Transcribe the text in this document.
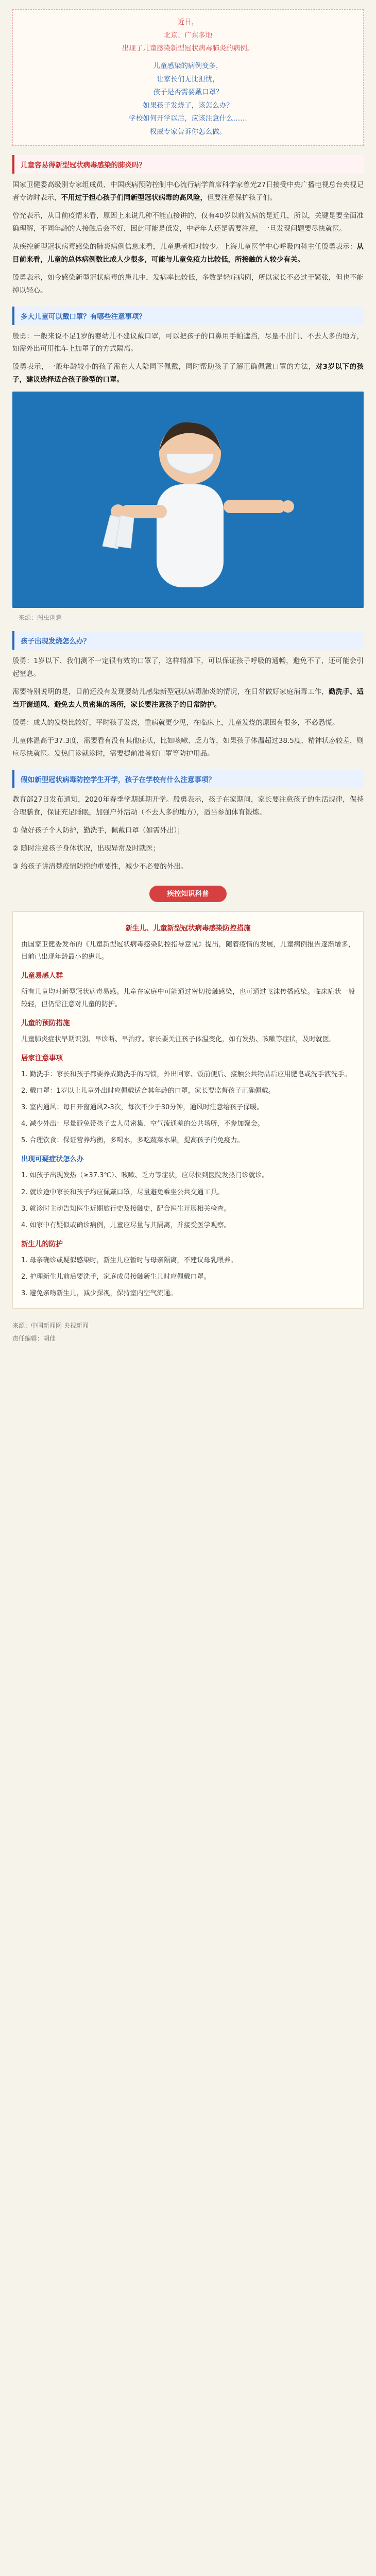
近日，
北京、广东多地
出现了儿童感染新型冠状病毒肺炎的病例。
儿童感染的病例变多，
让家长们无比担忧，
孩子是否需要戴口罩？
如果孩子发烧了，该怎么办？
学校如何开学以后，应该注意什么……
权威专家告诉你怎么做。
儿童容易得新型冠状病毒感染的肺炎吗？
国家卫健委高级别专家组成员、中国疾病预防控制中心流行病学首席科学家曾光27日接受中央广播电视总台央视记者专访时表示，不用过于担心孩子们同新型冠状病毒的高风险，但要注意保护孩子们。
曾光表示，从目前疫情来看，原因上来说几种不能直接讲的，仅有40岁以前发病的是近几，所以，关键是要全面准确理解，不同年龄的人接触后会不好，因此可能是低发，中老年人还是需要注意，一旦发现问题要尽快就医。
从疾控新型冠状病毒感染的肺炎病例信息来看，儿童患者相对较少。上海儿童医学中心呼吸内科主任殷勇表示：从目前来看，儿童的总体病例数比成人少很多，可能与儿童免疫力比较低，所接触的人较少有关。
殷勇表示，如今感染新型冠状病毒的患儿中，发病率比较低，多数是轻症病例，所以家长不必过于紧张，但也不能掉以轻心。
多大儿童可以戴口罩？有哪些注意事项？
殷勇：一般来说不足1岁的婴幼儿不建议戴口罩，可以把孩子的口鼻用手帕遮挡，尽量不出门、不去人多的地方，如需外出可用推车上加罩子的方式隔离。
殷勇表示，一般年龄较小的孩子需在大人陪同下佩戴，同时帮助孩子了解正确佩戴口罩的方法，对3岁以下的孩子，建议选择适合孩子脸型的口罩。
—来源：图虫创意
孩子出现发烧怎么办？
殷勇：1岁以下、我们测不一定很有效的口罩了，这样精准下，可以保证孩子呼吸的通畅，避免不了，还可能会引起窒息。
需要特别说明的是，目前还没有发现婴幼儿感染新型冠状病毒肺炎的情况，在日常做好家庭消毒工作，勤洗手、适当开窗通风、避免去人员密集的场所，家长要注意孩子的日常防护。
殷勇：成人的发烧比较好，平时孩子发烧，重病就更少见，在临床上，儿童发烧的原因有很多，不必恐慌。
儿童体温高于37.3度，需要看有没有其他症状，比如咳嗽、乏力等，如果孩子体温超过38.5度，精神状态较差，则应尽快就医。发热门诊就诊时，需要提前准备好口罩等防护用品。
假如新型冠状病毒防控学生开学，孩子在学校有什么注意事项？
教育部27日发布通知，2020年春季学期延期开学。殷勇表示，孩子在家期间，家长要注意孩子的生活规律，保持合理膳食，保证充足睡眠，加强户外活动（不去人多的地方），适当参加体育锻炼。
① 做好孩子个人防护，勤洗手，佩戴口罩（如需外出）；
② 随时注意孩子身体状况，出现异常及时就医；
③ 给孩子讲清楚疫情防控的重要性，减少不必要的外出。
疾控知识科普
新生儿、儿童新型冠状病毒感染防控措施
由国家卫健委发布的《儿童新型冠状病毒感染防控指导意见》提出，随着疫情的发展，儿童病例报告逐渐增多，目前已出现年龄最小的患儿。
儿童易感人群
所有儿童均对新型冠状病毒易感。儿童在家庭中可能通过密切接触感染，也可通过飞沫传播感染。临床症状一般较轻，但仍需注意对儿童的防护。
儿童的预防措施
儿童肺炎症状早期识别、早诊断、早治疗。家长要关注孩子体温变化，如有发热、咳嗽等症状，及时就医。
居家注意事项
1. 勤洗手：家长和孩子都要养成勤洗手的习惯，外出回家、饭前便后、接触公共物品后应用肥皂或洗手液洗手。
2. 戴口罩：1岁以上儿童外出时应佩戴适合其年龄的口罩，家长要监督孩子正确佩戴。
3. 室内通风：每日开窗通风2-3次，每次不少于30分钟，通风时注意给孩子保暖。
4. 减少外出：尽量避免带孩子去人员密集、空气流通差的公共场所，不参加聚会。
5. 合理饮食：保证营养均衡，多喝水，多吃蔬菜水果，提高孩子的免疫力。
出现可疑症状怎么办
1. 如孩子出现发热（≥37.3℃）、咳嗽、乏力等症状，应尽快到医院发热门诊就诊。
2. 就诊途中家长和孩子均应佩戴口罩，尽量避免乘坐公共交通工具。
3. 就诊时主动告知医生近期旅行史及接触史，配合医生开展相关检查。
4. 如家中有疑似或确诊病例，儿童应尽量与其隔离，并接受医学观察。
新生儿的防护
1. 母亲确诊或疑似感染时，新生儿应暂时与母亲隔离，不建议母乳喂养。
2. 护理新生儿前后要洗手，家庭成员接触新生儿时应佩戴口罩。
3. 避免亲吻新生儿，减少探视，保持室内空气流通。
来源：中国新闻网 央视新闻
责任编辑：胡佳
